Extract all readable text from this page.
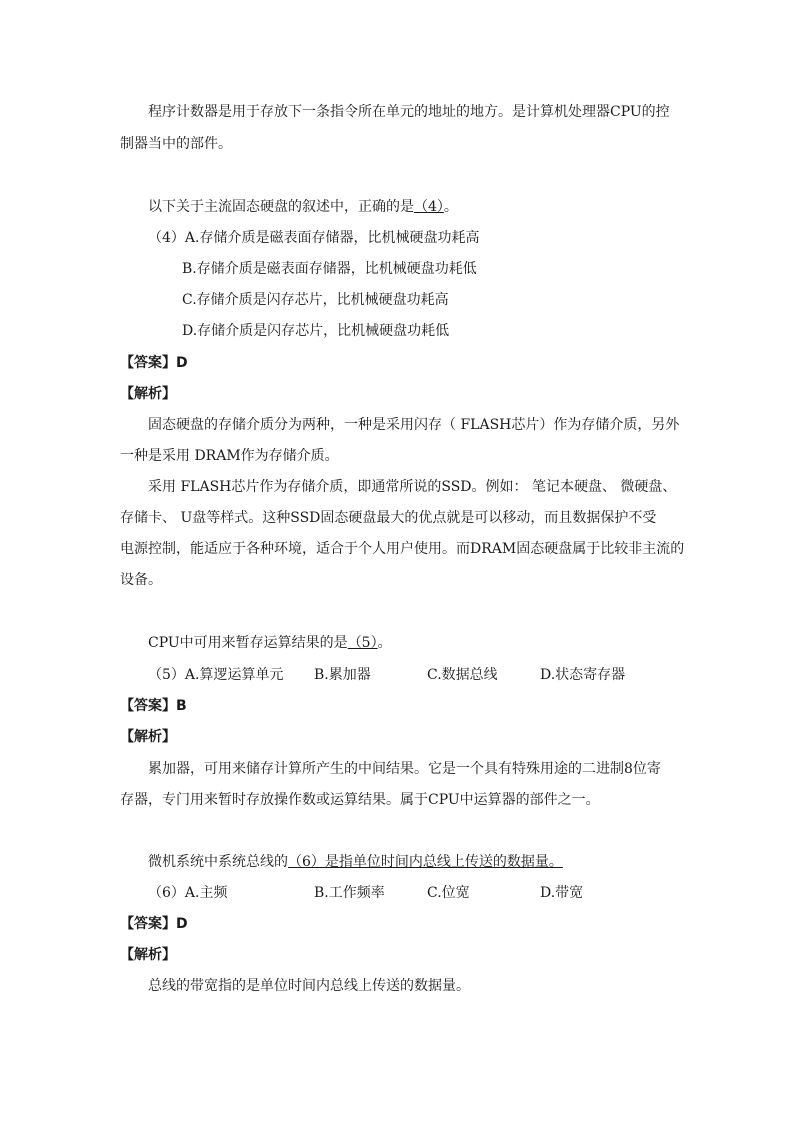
程序计数器是用于存放下一条指令所在单元的地址的地方。是计算机处理器CPU的控
制器当中的部件。
以下关于主流固态硬盘的叙述中，正确的是（4）。
（4）A.存储介质是磁表面存储器，比机械硬盘功耗高
B.存储介质是磁表面存储器，比机械硬盘功耗低
C.存储介质是闪存芯片，比机械硬盘功耗高
D.存储介质是闪存芯片，比机械硬盘功耗低
【答案】D
【解析】
固态硬盘的存储介质分为两种，一种是采用闪存（ FLASH芯片）作为存储介质，另外
一种是采用 DRAM作为存储介质。
采用 FLASH芯片作为存储介质，即通常所说的SSD。例如： 笔记本硬盘、 微硬盘、
存储卡、 U盘等样式。这种SSD固态硬盘最大的优点就是可以移动，而且数据保护不受
电源控制，能适应于各种环境，适合于个人用户使用。而DRAM固态硬盘属于比较非主流的
设备。
CPU中可用来暂存运算结果的是（5）。
（5）A.算逻运算单元 B.累加器	C.数据总线	D.状态寄存器
【答案】B
【解析】
累加器，可用来储存计算所产生的中间结果。它是一个具有特殊用途的二进制8位寄
存器，专门用来暂时存放操作数或运算结果。属于CPU中运算器的部件之一。
微机系统中系统总线的（6）是指单位时间内总线上传送的数据量。
（6）A.主频	B.工作频率	C.位宽	D.带宽
【答案】D
【解析】
总线的带宽指的是单位时间内总线上传送的数据量。
